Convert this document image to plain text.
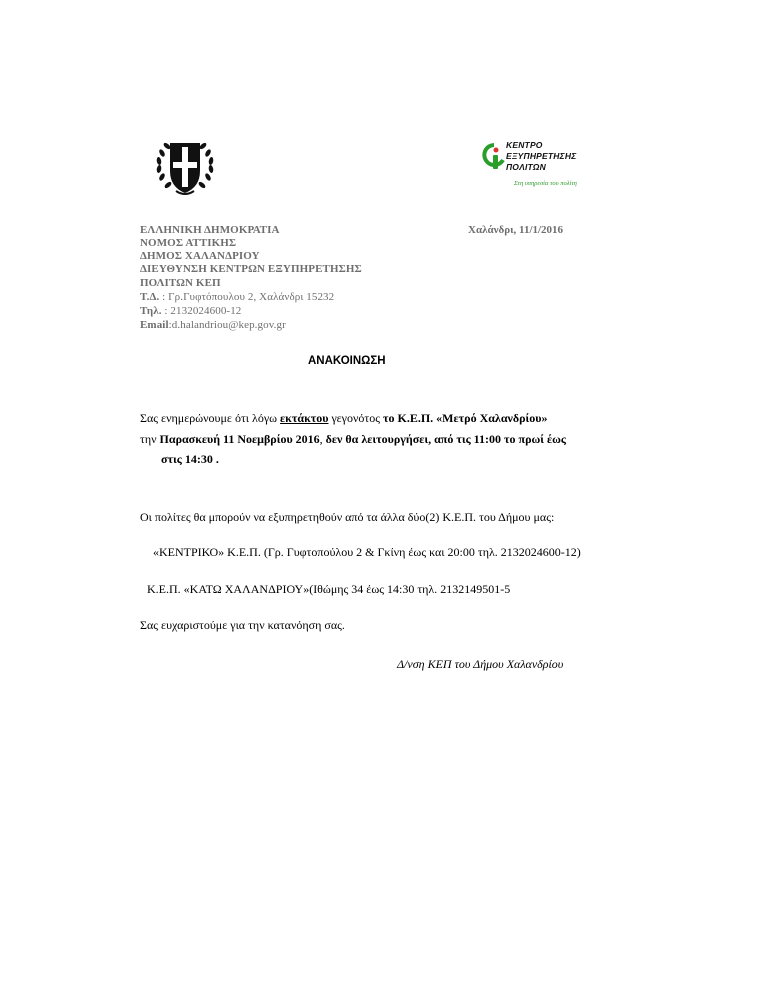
ΚΕΝΤΡΟ
ΕΞΥΠΗΡΕΤΗΣΗΣ
ΠΟΛΙΤΩΝ
Στη υπηρεσία του πολίτη
ΕΛΛΗΝΙΚΗ ΔΗΜΟΚΡΑΤΙΑ
ΝΟΜΟΣ ΑΤΤΙΚΗΣ
ΔΗΜΟΣ ΧΑΛΑΝΔΡΙΟΥ
ΔΙΕΥΘΥΝΣΗ ΚΕΝΤΡΩΝ ΕΞΥΠΗΡΕΤΗΣΗΣ
ΠΟΛΙΤΩΝ ΚΕΠ
Τ.Δ. : Γρ.Γυφτόπουλου 2, Χαλάνδρι 15232
Τηλ. : 2132024600-12
Email:d.halandriou@kep.gov.gr
Χαλάνδρι, 11/1/2016
ΑΝΑΚΟΙΝΩΣΗ
Σας ενημερώνουμε ότι λόγω εκτάκτου γεγονότος το Κ.Ε.Π. «Μετρό Χαλανδρίου»
την Παρασκευή 11 Νοεμβρίου 2016, δεν θα λειτουργήσει, από τις 11:00 το πρωί έως
στις 14:30 .
Οι πολίτες θα μπορούν να εξυπηρετηθούν από τα άλλα δύο(2) Κ.Ε.Π. του Δήμου μας:
«ΚΕΝΤΡΙΚΟ» Κ.Ε.Π. (Γρ. Γυφτοπούλου 2 & Γκίνη έως και 20:00 τηλ. 2132024600-12)
Κ.Ε.Π. «ΚΑΤΩ ΧΑΛΑΝΔΡΙΟΥ»(Ιθώμης 34 έως 14:30 τηλ. 2132149501-5
Σας ευχαριστούμε για την κατανόηση σας.
Δ/νση ΚΕΠ του Δήμου Χαλανδρίου
